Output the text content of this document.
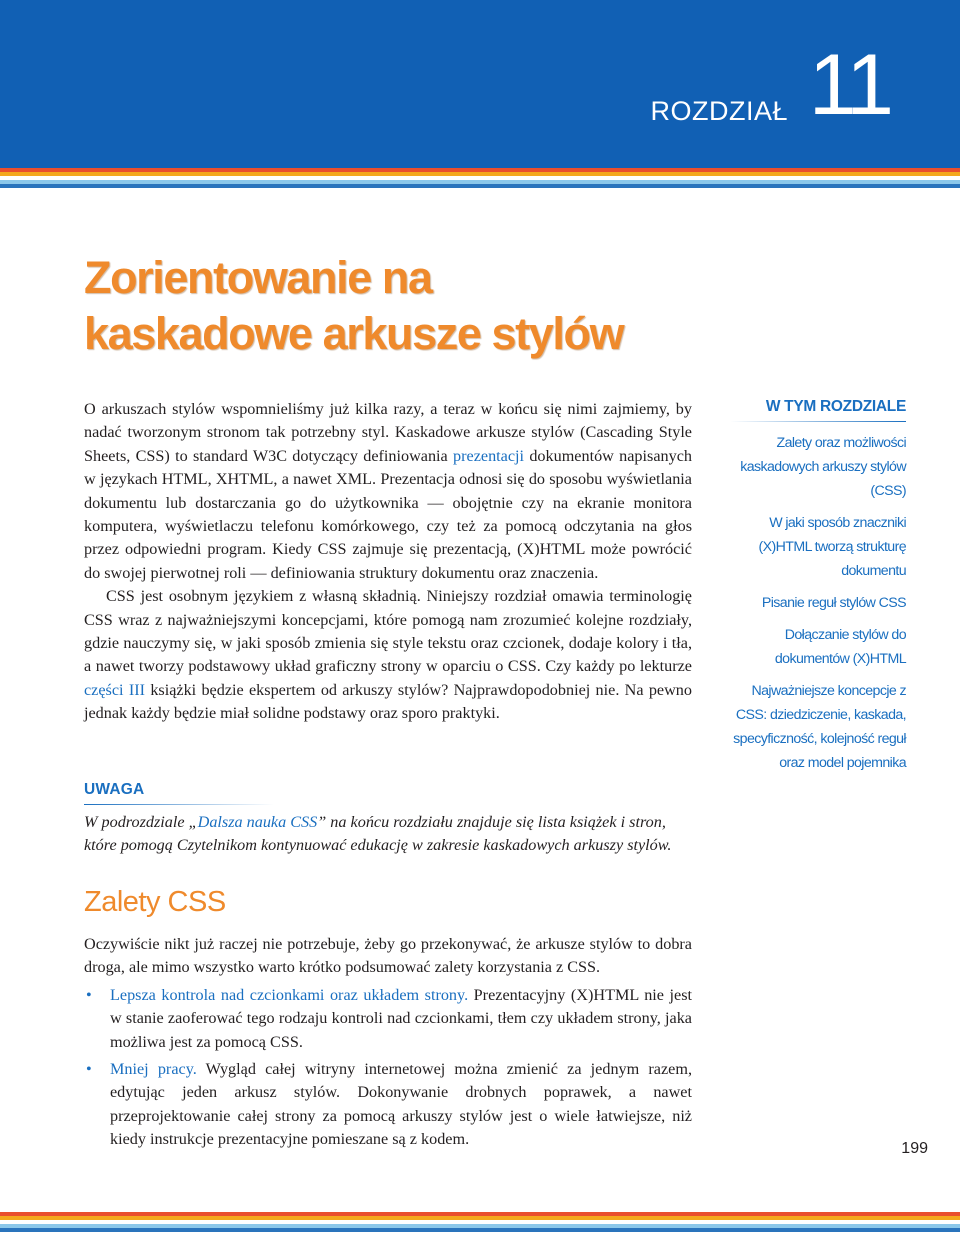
ROZDZIAŁ 11
Zorientowanie na
kaskadowe arkusze stylów

O arkuszach stylów wspomnieliśmy już kilka razy, a teraz w końcu się nimi zajmiemy, by nadać tworzonym stronom tak potrzebny styl. Kaskadowe arkusze stylów (Cascading Style Sheets, CSS) to standard W3C dotyczący definiowania prezentacji dokumentów napisanych w językach HTML, XHTML, a nawet XML. Prezentacja odnosi się do sposobu wyświetlania dokumentu lub dostarczania go do użytkownika — obojętnie czy na ekranie monitora komputera, wyświetlaczu telefonu komórkowego, czy też za pomocą odczytania na głos przez odpowiedni program. Kiedy CSS zajmuje się prezentacją, (X)HTML może powrócić do swojej pierwotnej roli — definiowania struktury dokumentu oraz znaczenia.

CSS jest osobnym językiem z własną składnią. Niniejszy rozdział omawia terminologię CSS wraz z najważniejszymi koncepcjami, które pomogą nam zrozumieć kolejne rozdziały, gdzie nauczymy się, w jaki sposób zmienia się style tekstu oraz czcionek, dodaje kolory i tła, a nawet tworzy podstawowy układ graficzny strony w oparciu o CSS. Czy każdy po lekturze części III książki będzie ekspertem od arkuszy stylów? Najprawdopodobniej nie. Na pewno jednak każdy będzie miał solidne podstawy oraz sporo praktyki.

W TYM ROZDZIALE
Zalety oraz możliwości kaskadowych arkuszy stylów (CSS)
W jaki sposób znaczniki (X)HTML tworzą strukturę dokumentu
Pisanie reguł stylów CSS
Dołączanie stylów do dokumentów (X)HTML
Najważniejsze koncepcje z CSS: dziedziczenie, kaskada, specyficzność, kolejność reguł oraz model pojemnika
UWAGA

W podrozdziale „Dalsza nauka CSS” na końcu rozdziału znajduje się lista książek i stron, które pomogą Czytelnikom kontynuować edukację w zakresie kaskadowych arkuszy stylów.

Zalety CSS

Oczywiście nikt już raczej nie potrzebuje, żeby go przekonywać, że arkusze stylów to dobra droga, ale mimo wszystko warto krótko podsumować zalety korzystania z CSS.

• Lepsza kontrola nad czcionkami oraz układem strony. Prezentacyjny (X)HTML nie jest w stanie zaoferować tego rodzaju kontroli nad czcionkami, tłem czy układem strony, jaka możliwa jest za pomocą CSS.
• Mniej pracy. Wygląd całej witryny internetowej można zmienić za jednym razem, edytując jeden arkusz stylów. Dokonywanie drobnych poprawek, a nawet przeprojektowanie całej strony za pomocą arkuszy stylów jest o wiele łatwiejsze, niż kiedy instrukcje prezentacyjne pomieszane są z kodem.
199
